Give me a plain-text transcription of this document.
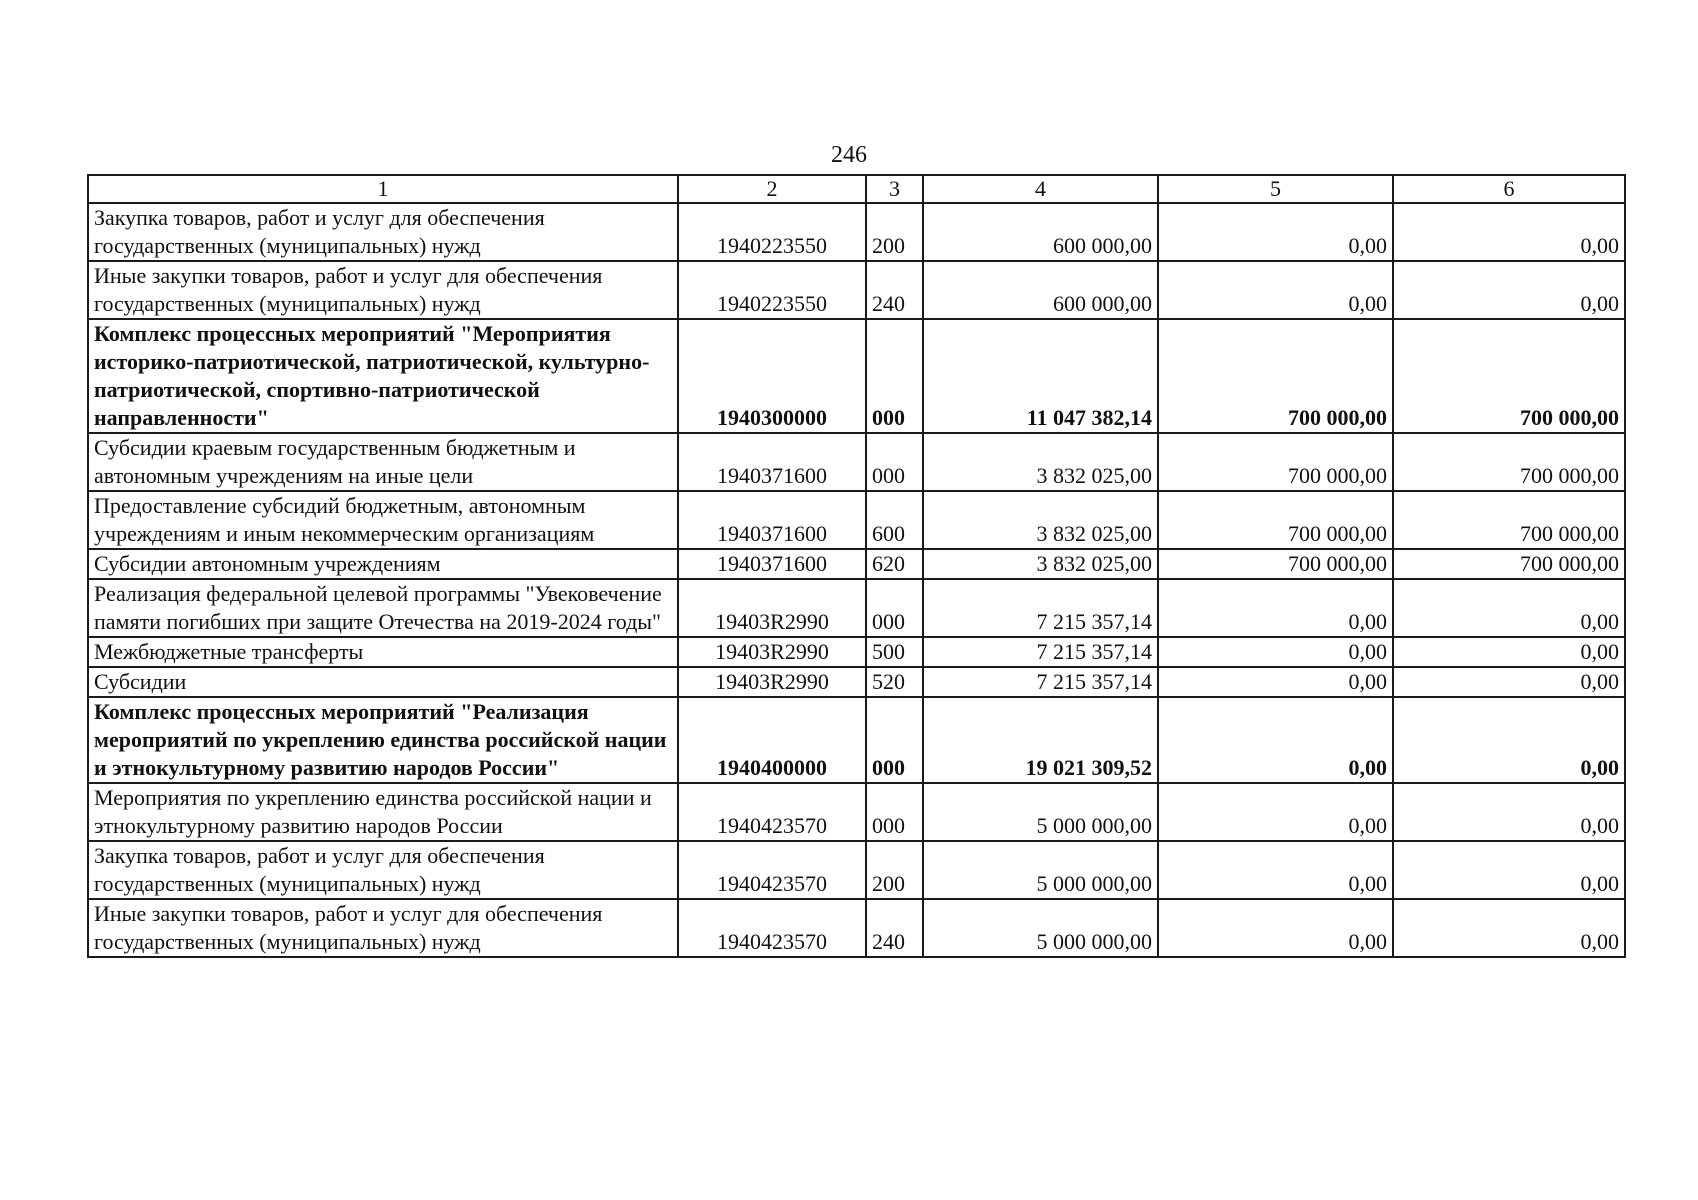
246
1	2	3	4	5	6
Закупка товаров, работ и услуг для обеспечения государственных (муниципальных) нужд	1940223550	200	600 000,00	0,00	0,00
Иные закупки товаров, работ и услуг для обеспечения государственных (муниципальных) нужд	1940223550	240	600 000,00	0,00	0,00
Комплекс процессных мероприятий "Мероприятия историко-патриотической, патриотической, культурно-патриотической, спортивно-патриотической направленности"	1940300000	000	11 047 382,14	700 000,00	700 000,00
Субсидии краевым государственным бюджетным и автономным учреждениям на иные цели	1940371600	000	3 832 025,00	700 000,00	700 000,00
Предоставление субсидий бюджетным, автономным учреждениям и иным некоммерческим организациям	1940371600	600	3 832 025,00	700 000,00	700 000,00
Субсидии автономным учреждениям	1940371600	620	3 832 025,00	700 000,00	700 000,00
Реализация федеральной целевой программы "Увековечение памяти погибших при защите Отечества на 2019-2024 годы"	19403R2990	000	7 215 357,14	0,00	0,00
Межбюджетные трансферты	19403R2990	500	7 215 357,14	0,00	0,00
Субсидии	19403R2990	520	7 215 357,14	0,00	0,00
Комплекс процессных мероприятий "Реализация мероприятий по укреплению единства российской нации и этнокультурному развитию народов России"	1940400000	000	19 021 309,52	0,00	0,00
Мероприятия по укреплению единства российской нации и этнокультурному развитию народов России	1940423570	000	5 000 000,00	0,00	0,00
Закупка товаров, работ и услуг для обеспечения государственных (муниципальных) нужд	1940423570	200	5 000 000,00	0,00	0,00
Иные закупки товаров, работ и услуг для обеспечения государственных (муниципальных) нужд	1940423570	240	5 000 000,00	0,00	0,00
